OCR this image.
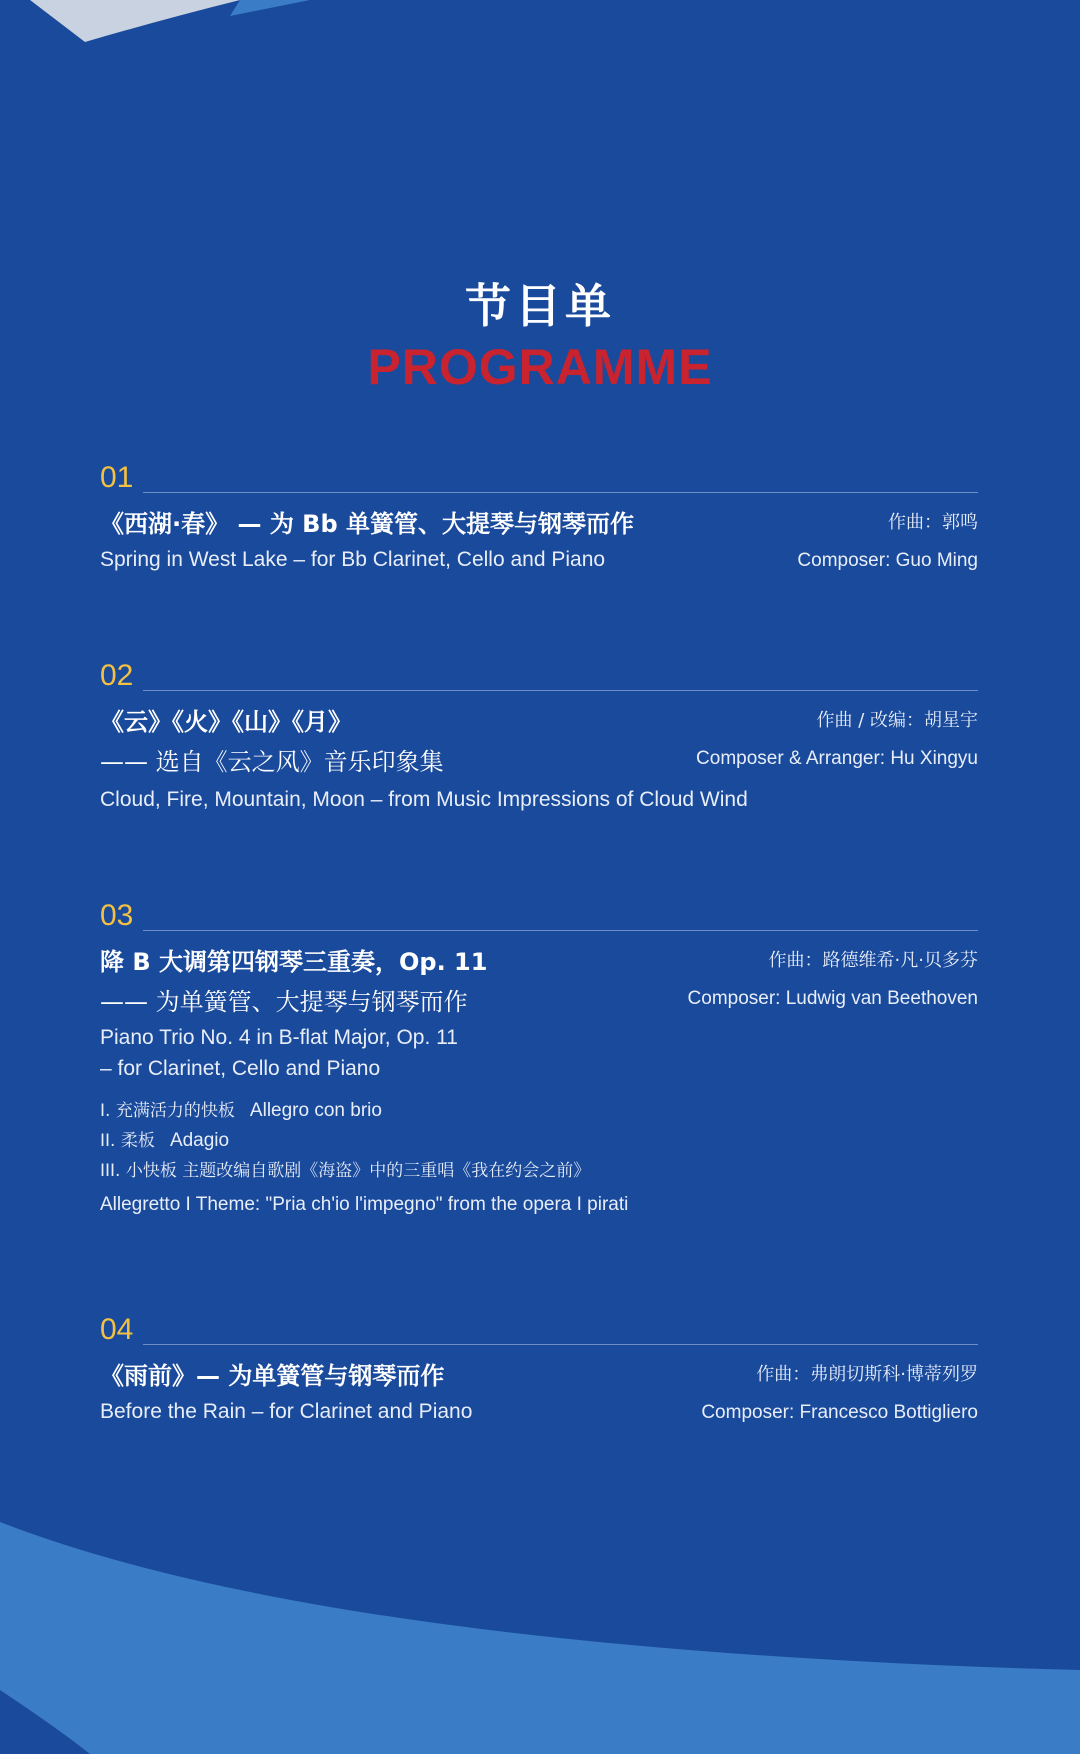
节目单
PROGRAMME
01
《西湖·春》 — 为 Bb 单簧管、大提琴与钢琴而作
Spring in West Lake – for Bb Clarinet, Cello and Piano
作曲：郭鸣
Composer: Guo Ming
02
《云》《火》《山》《月》
—— 选自《云之风》音乐印象集
Cloud, Fire, Mountain, Moon – from Music Impressions of Cloud Wind
作曲 / 改编：胡星宇
Composer & Arranger: Hu Xingyu
03
降 B 大调第四钢琴三重奏，Op. 11
—— 为单簧管、大提琴与钢琴而作
Piano Trio No. 4 in B-flat Major, Op. 11
– for Clarinet, Cello and Piano
I. 充满活力的快板 Allegro con brio
II. 柔板 Adagio
III. 小快板 主题改编自歌剧《海盗》中的三重唱《我在约会之前》
Allegretto I Theme: "Pria ch'io l'impegno" from the opera I pirati
作曲：路德维希·凡·贝多芬
Composer: Ludwig van Beethoven
04
《雨前》— 为单簧管与钢琴而作
Before the Rain – for Clarinet and Piano
作曲：弗朗切斯科·博蒂列罗
Composer: Francesco Bottigliero
